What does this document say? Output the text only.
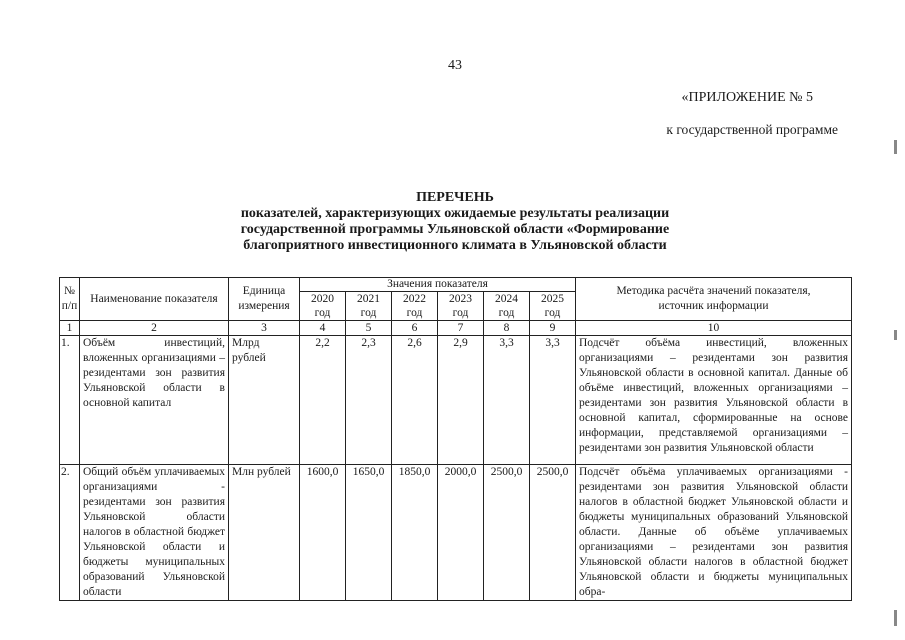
43
«ПРИЛОЖЕНИЕ № 5
к государственной программе
ПЕРЕЧЕНЬ
показателей, характеризующих ожидаемые результаты реализации
государственной программы Ульяновской области «Формирование
благоприятного инвестиционного климата в Ульяновской области
№ п/п	Наименование показателя	Единица измерения	Значения показателя						Методика расчёта значений показателя, источник информации
			2020 год	2021 год	2022 год	2023 год	2024 год	2025 год	
1	2	3	4	5	6	7	8	9	10
1.	Объём инвестиций, вложенных организациями – резидентами зон развития Ульяновской области в основной капитал	Млрд рублей	2,2	2,3	2,6	2,9	3,3	3,3	Подсчёт объёма инвестиций, вложенных организациями – резидентами зон развития Ульяновской области в основной капитал. Данные об объёме инвестиций, вложенных организациями – резидентами зон развития Ульяновской области в основной капитал, сформированные на основе информации, представляемой организациями – резидентами зон развития Ульяновской области
2.	Общий объём уплачиваемых организациями - резидентами зон развития Ульяновской области налогов в областной бюджет Ульяновской области и бюджеты муниципальных образований Ульяновской области	Млн рублей	1600,0	1650,0	1850,0	2000,0	2500,0	2500,0	Подсчёт объёма уплачиваемых организациями - резидентами зон развития Ульяновской области налогов в областной бюджет Ульяновской области и бюджеты муниципальных образований Ульяновской области. Данные об объёме уплачиваемых организациями – резидентами зон развития Ульяновской области налогов в областной бюджет Ульяновской области и бюджеты муниципальных обра-
